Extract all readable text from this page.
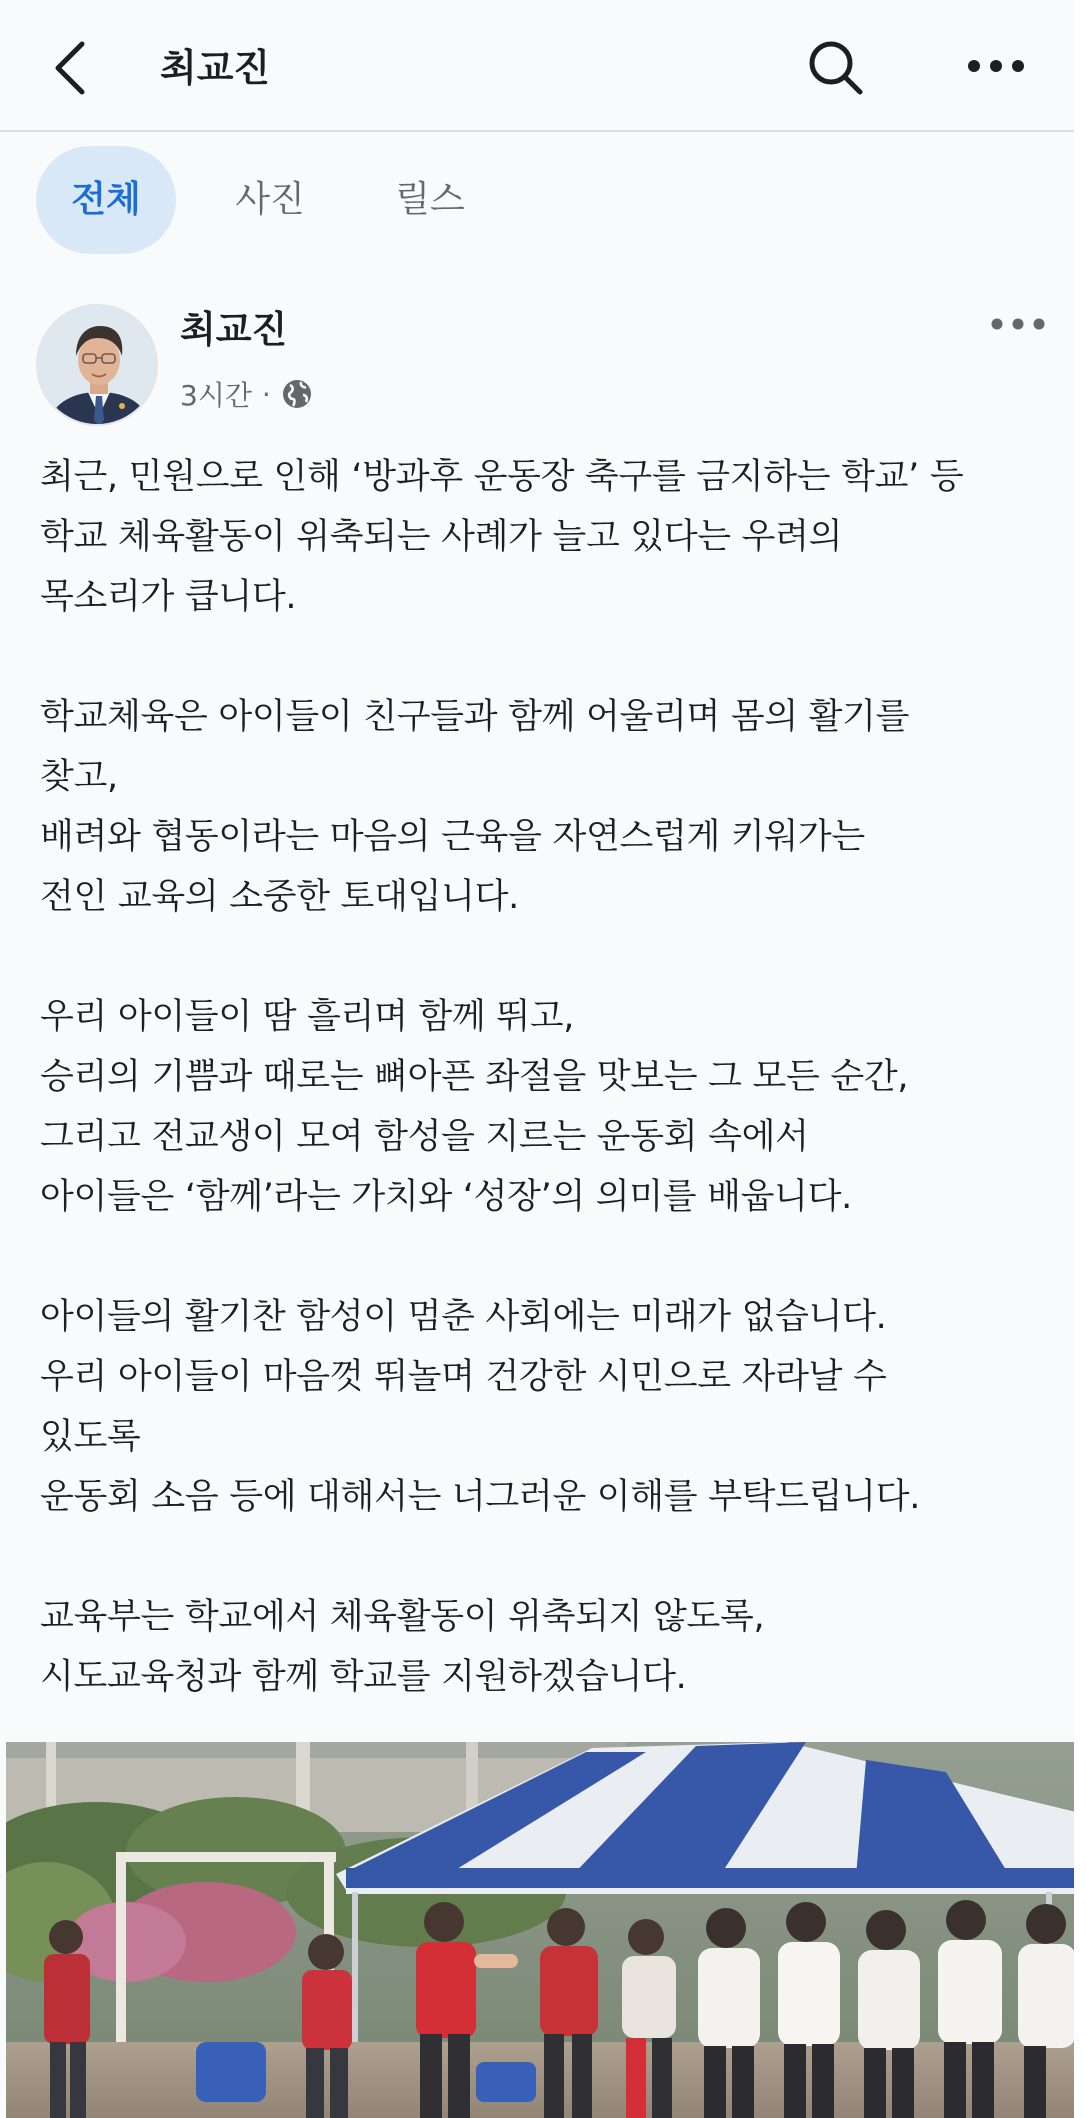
최교진
전체	사진	릴스
최교진
3시간 ·
최근, 민원으로 인해 ‘방과후 운동장 축구를 금지하는 학교’ 등
학교 체육활동이 위축되는 사례가 늘고 있다는 우려의
목소리가 큽니다.
학교체육은 아이들이 친구들과 함께 어울리며 몸의 활기를
찾고,
배려와 협동이라는 마음의 근육을 자연스럽게 키워가는
전인 교육의 소중한 토대입니다.
우리 아이들이 땀 흘리며 함께 뛰고,
승리의 기쁨과 때로는 뼈아픈 좌절을 맛보는 그 모든 순간,
그리고 전교생이 모여 함성을 지르는 운동회 속에서
아이들은 ‘함께’라는 가치와 ‘성장’의 의미를 배웁니다.
아이들의 활기찬 함성이 멈춘 사회에는 미래가 없습니다.
우리 아이들이 마음껏 뛰놀며 건강한 시민으로 자라날 수
있도록
운동회 소음 등에 대해서는 너그러운 이해를 부탁드립니다.
교육부는 학교에서 체육활동이 위축되지 않도록,
시도교육청과 함께 학교를 지원하겠습니다.
